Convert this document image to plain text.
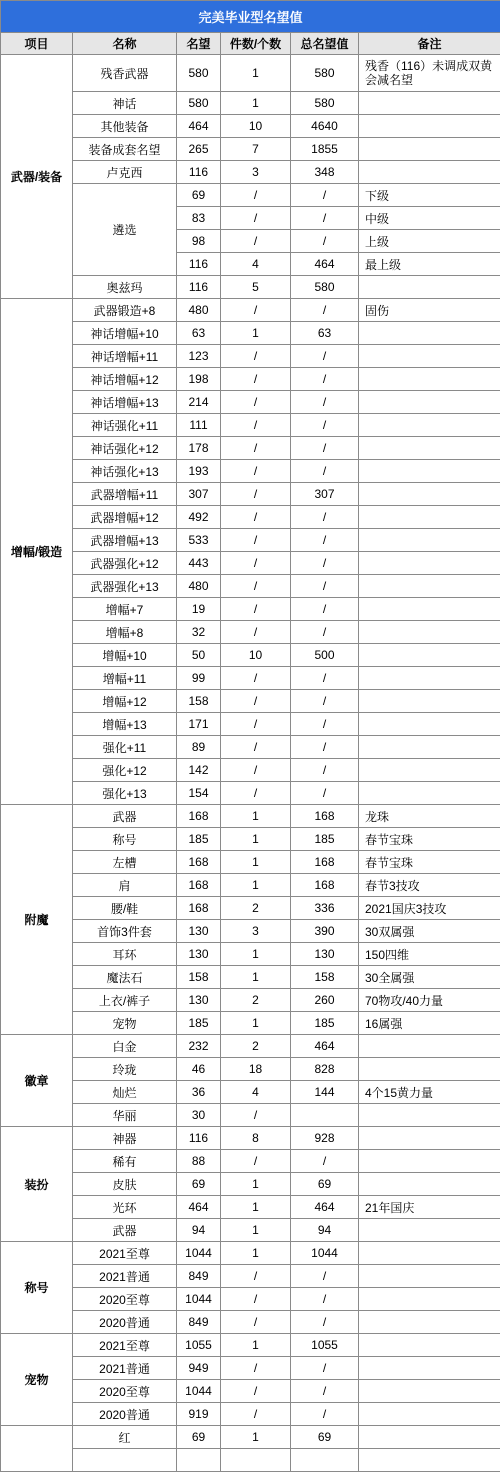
完美毕业型名望值					
项目	名称	名望	件数/个数	总名望值	备注
武器/装备	残香武器	580	1	580	残香（116）未调成双黄会减名望
	神话	580	1	580	
	其他装备	464	10	4640	
	装备成套名望	265	7	1855	
	卢克西	116	3	348	
	遴选	69	/	/	下级
		83	/	/	中级
		98	/	/	上级
		116	4	464	最上级
	奥兹玛	116	5	580	
增幅/锻造	武器锻造+8	480	/	/	固伤
	神话增幅+10	63	1	63	
	神话增幅+11	123	/	/	
	神话增幅+12	198	/	/	
	神话增幅+13	214	/	/	
	神话强化+11	111	/	/	
	神话强化+12	178	/	/	
	神话强化+13	193	/	/	
	武器增幅+11	307	/	307	
	武器增幅+12	492	/	/	
	武器增幅+13	533	/	/	
	武器强化+12	443	/	/	
	武器强化+13	480	/	/	
	增幅+7	19	/	/	
	增幅+8	32	/	/	
	增幅+10	50	10	500	
	增幅+11	99	/	/	
	增幅+12	158	/	/	
	增幅+13	171	/	/	
	强化+11	89	/	/	
	强化+12	142	/	/	
	强化+13	154	/	/	
附魔	武器	168	1	168	龙珠
	称号	185	1	185	春节宝珠
	左槽	168	1	168	春节宝珠
	肩	168	1	168	春节3技攻
	腰/鞋	168	2	336	2021国庆3技攻
	首饰3件套	130	3	390	30双属强
	耳环	130	1	130	150四维
	魔法石	158	1	158	30全属强
	上衣/裤子	130	2	260	70物攻/40力量
	宠物	185	1	185	16属强
徽章	白金	232	2	464	
	玲珑	46	18	828	
	灿烂	36	4	144	4个15黄力量
	华丽	30	/		
装扮	神器	116	8	928	
	稀有	88	/	/	
	皮肤	69	1	69	
	光环	464	1	464	21年国庆
	武器	94	1	94	
称号	2021至尊	1044	1	1044	
	2021普通	849	/	/	
	2020至尊	1044	/	/	
	2020普通	849	/	/	
宠物	2021至尊	1055	1	1055	
	2021普通	949	/	/	
	2020至尊	1044	/	/	
	2020普通	919	/	/	
	红	69	1	69	
